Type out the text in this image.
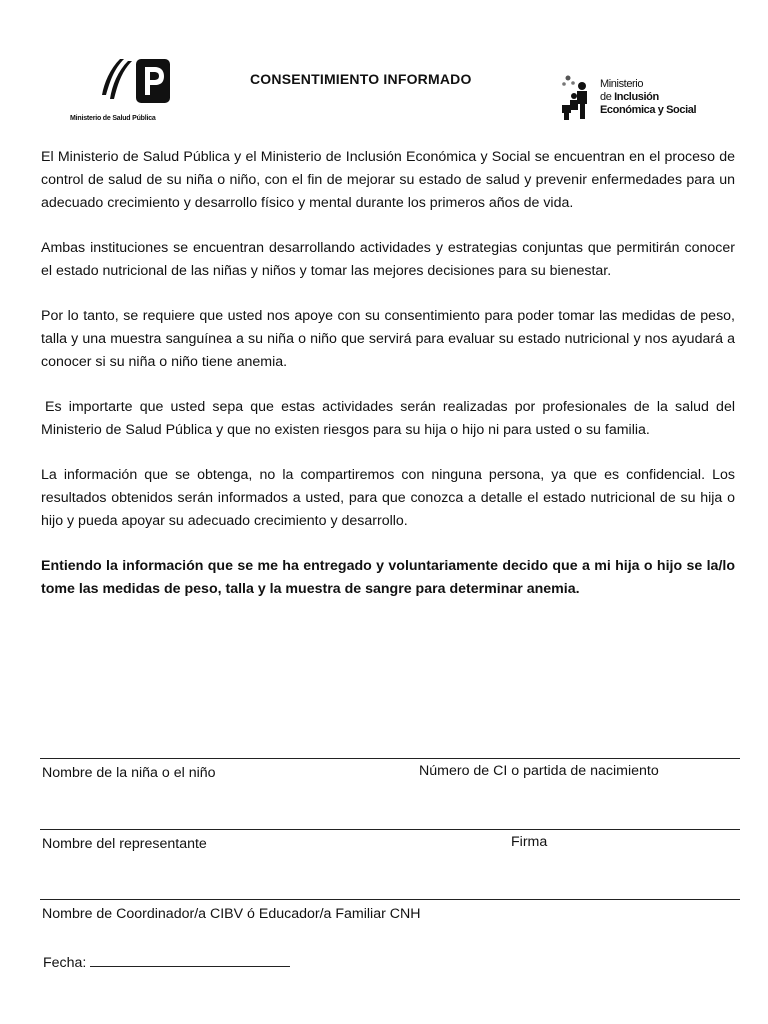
Ministerio de Salud Pública
CONSENTIMIENTO INFORMADO	Ministerio
de Inclusión
Económica y Social

El Ministerio de Salud Pública y el Ministerio de Inclusión Económica y Social se encuentran en el proceso de control de salud de su niña o niño, con el fin de mejorar su estado de salud y prevenir enfermedades para un adecuado crecimiento y desarrollo físico y mental durante los primeros años de vida.

Ambas instituciones se encuentran desarrollando actividades y estrategias conjuntas que permitirán conocer el estado nutricional de las niñas y niños y tomar las mejores decisiones para su bienestar.

Por lo tanto, se requiere que usted nos apoye con su consentimiento para poder tomar las medidas de peso, talla y una muestra sanguínea a su niña o niño que servirá para evaluar su estado nutricional y nos ayudará a conocer si su niña o niño tiene anemia.

Es importarte que usted sepa que estas actividades serán realizadas por profesionales de la salud del Ministerio de Salud Pública y que no existen riesgos para su hija o hijo ni para usted o su familia.

La información que se obtenga, no la compartiremos con ninguna persona, ya que es confidencial. Los resultados obtenidos serán informados a usted, para que conozca a detalle el estado nutricional de su hija o hijo y pueda apoyar su adecuado crecimiento y desarrollo.

Entiendo la información que se me ha entregado y voluntariamente decido que a mi hija o hijo se la/lo tome las medidas de peso, talla y la muestra de sangre para determinar anemia.

Nombre de la niña o el niño	Número de CI o partida de nacimiento
Nombre del representante	Firma
Nombre de Coordinador/a CIBV ó Educador/a Familiar CNH
Fecha:
